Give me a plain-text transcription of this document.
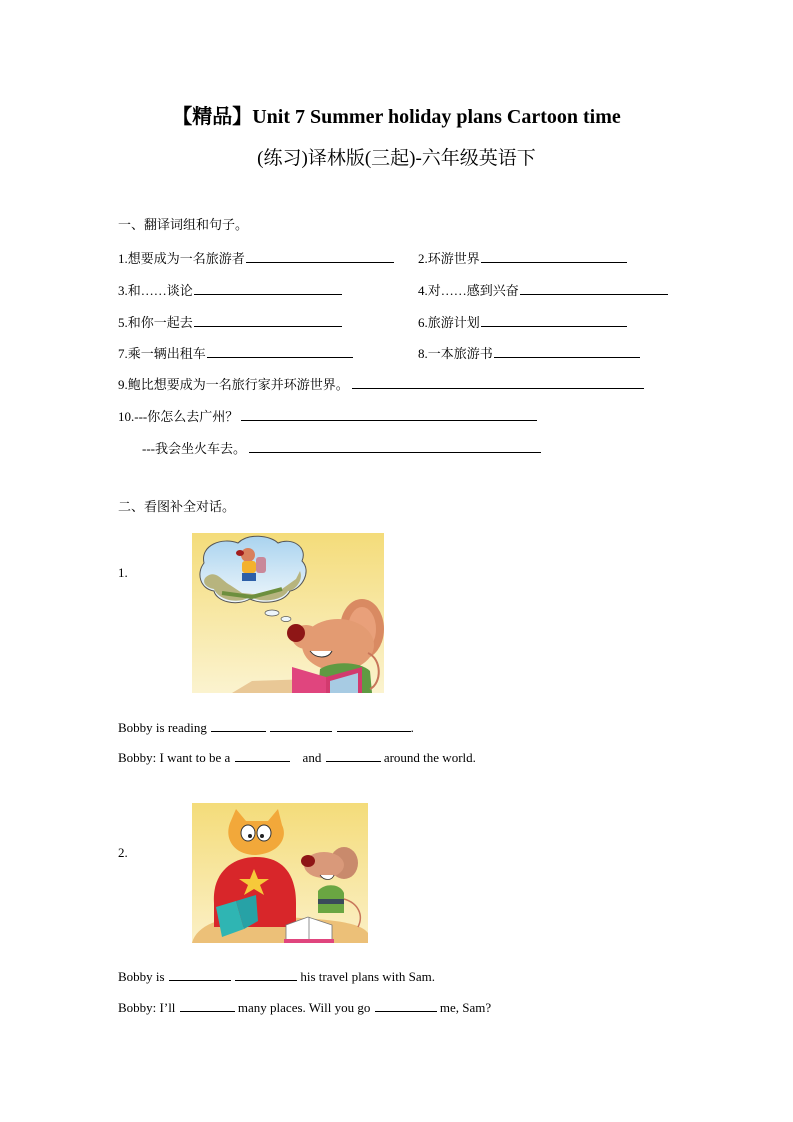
【精品】Unit 7 Summer holiday plans Cartoon time
(练习)译林版(三起)-六年级英语下
一、翻译词组和句子。
1.想要成为一名旅游者	2.环游世界
3.和……谈论	4.对……感到兴奋
5.和你一起去	6.旅游计划
7.乘一辆出租车	8.一本旅游书
9.鲍比想要成为一名旅行家并环游世界。
10.---你怎么去广州？
---我会坐火车去。
二、看图补全对话。
1.
Bobby is reading	.
Bobby: I want to be a	and	around the world.
2.
Bobby is	his travel plans with Sam.
Bobby: I’ll	many places. Will you go	me, Sam?
